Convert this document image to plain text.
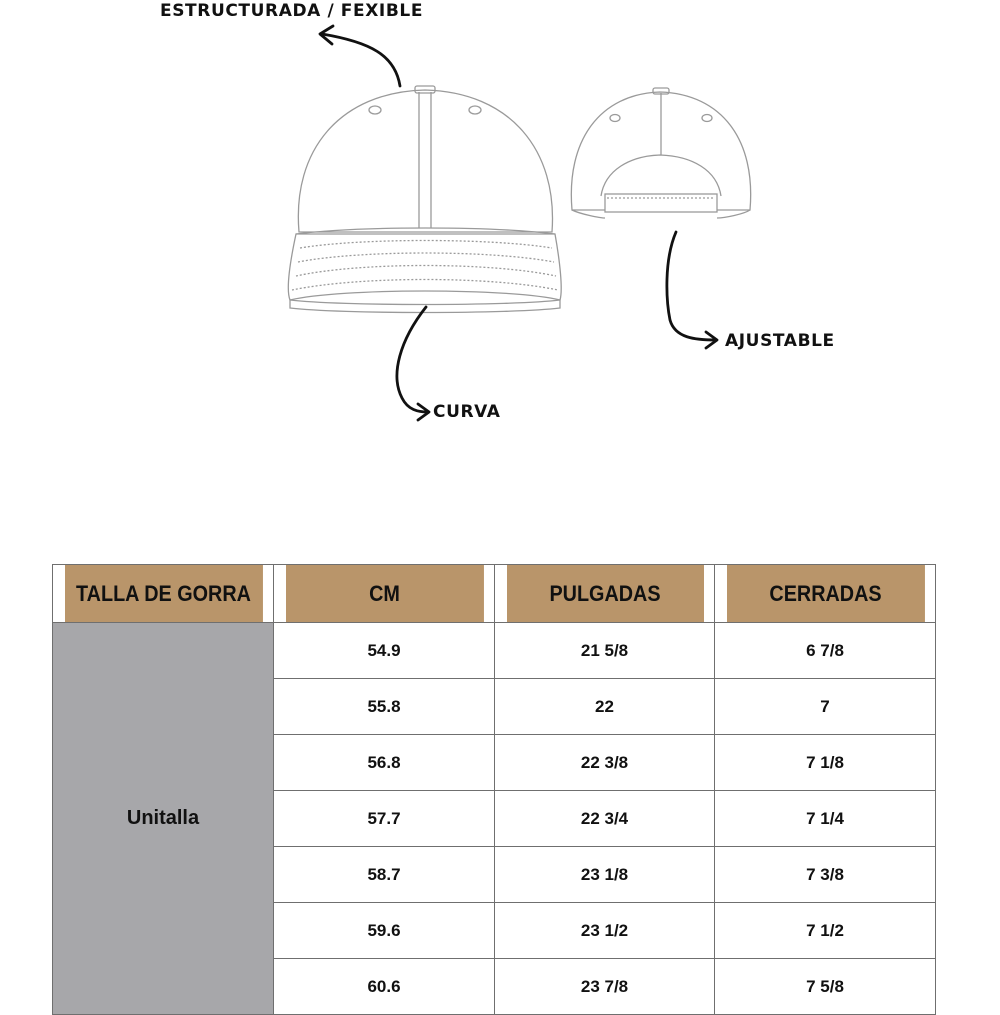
ESTRUCTURADA / FEXIBLE
AJUSTABLE
CURVA
TALLA DE GORRA	CM	PULGADAS	CERRADAS
Unitalla	54.9	21 5/8	6 7/8
	55.8	22	7
	56.8	22 3/8	7 1/8
	57.7	22 3/4	7 1/4
	58.7	23 1/8	7 3/8
	59.6	23 1/2	7 1/2
	60.6	23 7/8	7 5/8
